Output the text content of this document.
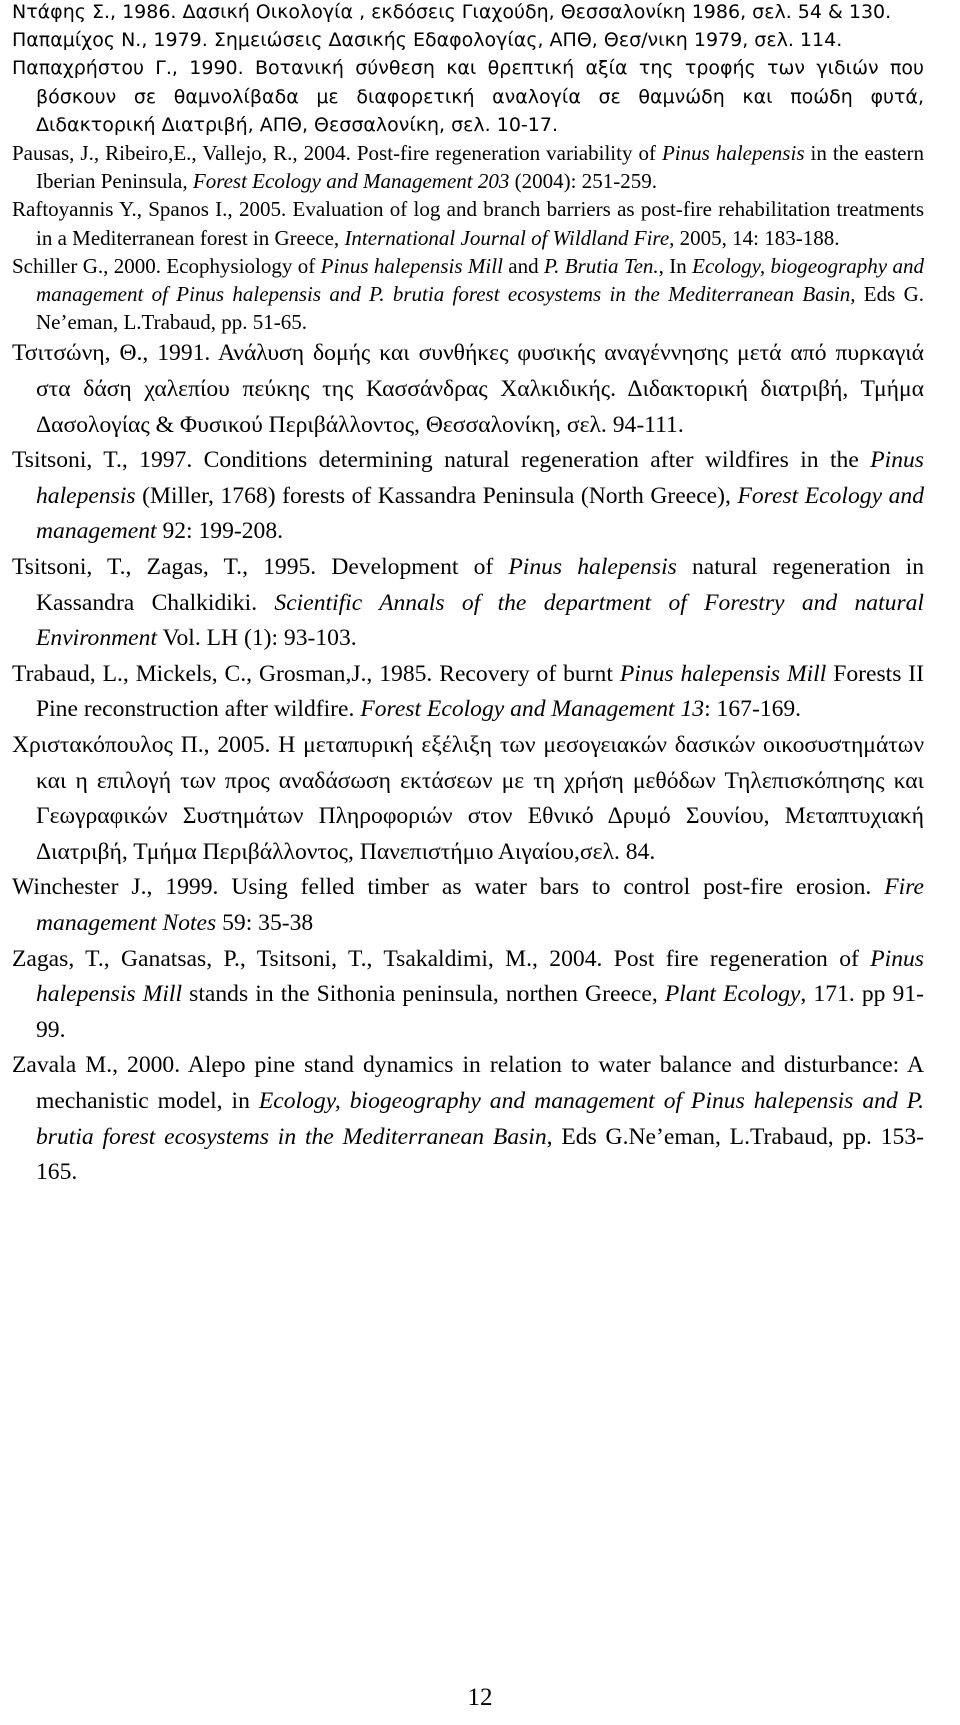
Ντάφης Σ., 1986. Δασική Οικολογία , εκδόσεις Γιαχούδη, Θεσσαλονίκη 1986, σελ. 54 & 130.
Παπαμίχος Ν., 1979. Σημειώσεις Δασικής Εδαφολογίας, ΑΠΘ, Θεσ/νικη 1979, σελ. 114.
Παπαχρήστου Γ., 1990. Βοτανική σύνθεση και θρεπτική αξία της τροφής των γιδιών που βόσκουν σε θαμνολίβαδα με διαφορετική αναλογία σε θαμνώδη και ποώδη φυτά, Διδακτορική Διατριβή, ΑΠΘ, Θεσσαλονίκη, σελ. 10-17.
Pausas, J., Ribeiro,E., Vallejo, R., 2004. Post-fire regeneration variability of Pinus halepensis in the eastern Iberian Peninsula, Forest Ecology and Management 203 (2004): 251-259.
Raftoyannis Y., Spanos I., 2005. Evaluation of log and branch barriers as post-fire rehabilitation treatments in a Mediterranean forest in Greece, International Journal of Wildland Fire, 2005, 14: 183-188.
Schiller G., 2000. Ecophysiology of Pinus halepensis Mill and P. Brutia Ten., In Ecology, biogeography and management of Pinus halepensis and P. brutia forest ecosystems in the Mediterranean Basin, Eds G. Ne’eman, L.Trabaud, pp. 51-65.
Τσιτσώνη, Θ., 1991. Ανάλυση δομής και συνθήκες φυσικής αναγέννησης μετά από πυρκαγιά στα δάση χαλεπίου πεύκης της Κασσάνδρας Χαλκιδικής. Διδακτορική διατριβή, Τμήμα Δασολογίας & Φυσικού Περιβάλλοντος, Θεσσαλονίκη, σελ. 94-111.
Tsitsoni, T., 1997. Conditions determining natural regeneration after wildfires in the Pinus halepensis (Miller, 1768) forests of Kassandra Peninsula (North Greece), Forest Ecology and management 92: 199-208.
Tsitsoni, T., Zagas, T., 1995. Development of Pinus halepensis natural regeneration in Kassandra Chalkidiki. Scientific Annals of the department of Forestry and natural Environment Vol. LH (1): 93-103.
Trabaud, L., Mickels, C., Grosman,J., 1985. Recovery of burnt Pinus halepensis Mill Forests II Pine reconstruction after wildfire. Forest Ecology and Management 13: 167-169.
Χριστακόπουλος Π., 2005. Η μεταπυρική εξέλιξη των μεσογειακών δασικών οικοσυστημάτων και η επιλογή των προς αναδάσωση εκτάσεων με τη χρήση μεθόδων Τηλεπισκόπησης και Γεωγραφικών Συστημάτων Πληροφοριών στον Εθνικό Δρυμό Σουνίου, Μεταπτυχιακή Διατριβή, Τμήμα Περιβάλλοντος, Πανεπιστήμιο Αιγαίου,σελ. 84.
Winchester J., 1999. Using felled timber as water bars to control post-fire erosion. Fire management Notes 59: 35-38
Zagas, T., Ganatsas, P., Tsitsoni, T., Tsakaldimi, M., 2004. Post fire regeneration of Pinus halepensis Mill stands in the Sithonia peninsula, northen Greece, Plant Ecology, 171. pp 91-99.
Zavala M., 2000. Alepo pine stand dynamics in relation to water balance and disturbance: A mechanistic model, in Ecology, biogeography and management of Pinus halepensis and P. brutia forest ecosystems in the Mediterranean Basin, Eds G.Ne’eman, L.Trabaud, pp. 153-165.
12
